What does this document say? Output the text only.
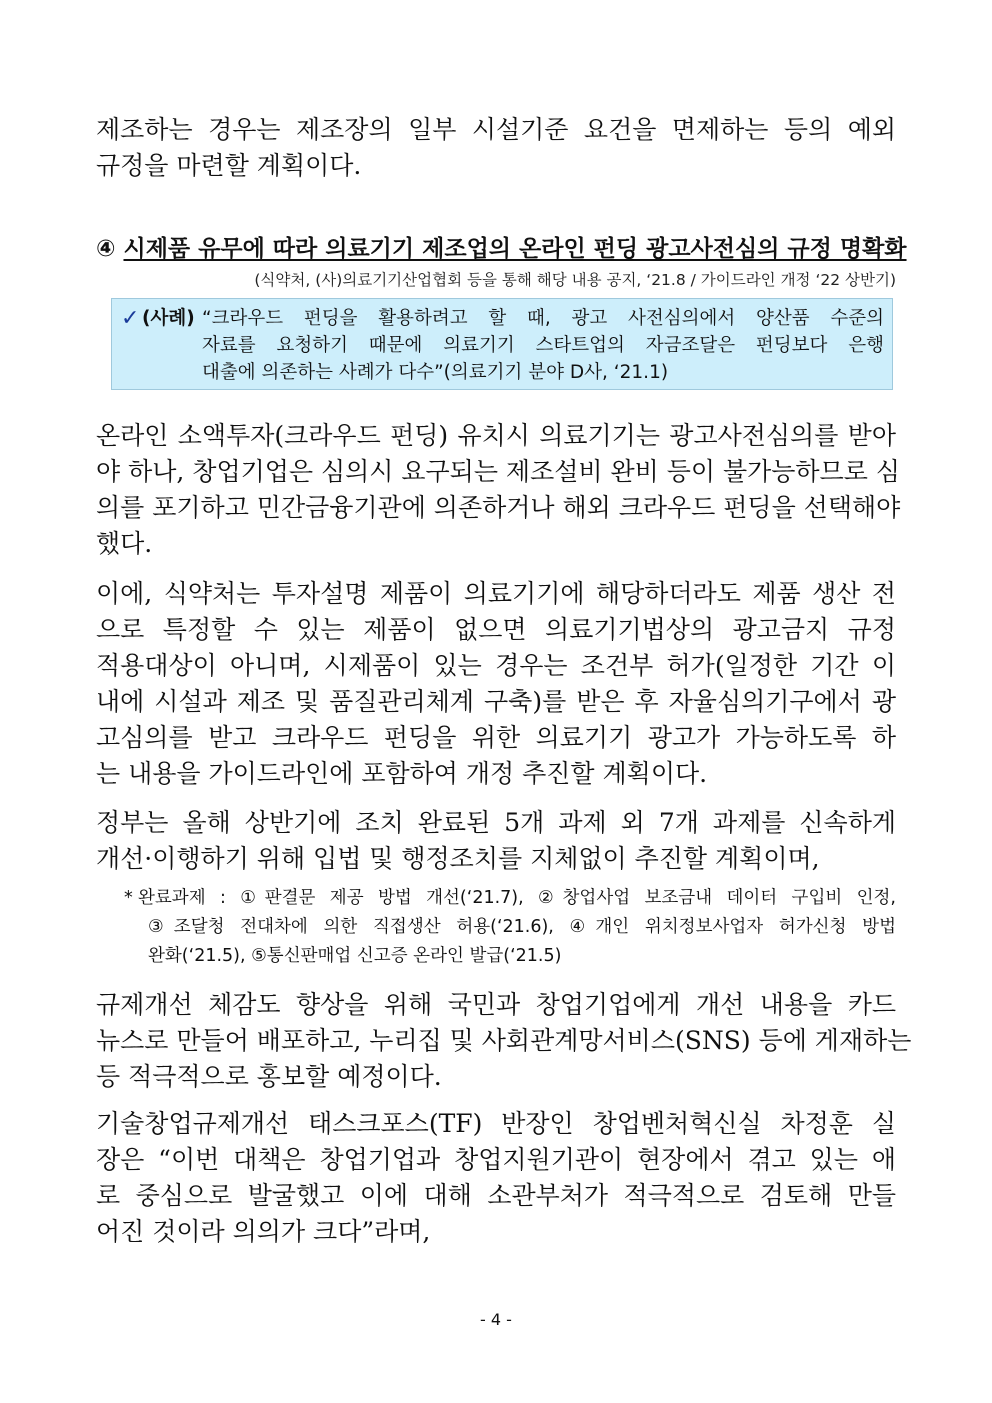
제조하는 경우는 제조장의 일부 시설기준 요건을 면제하는 등의 예외
규정을 마련할 계획이다.
④ 시제품 유무에 따라 의료기기 제조업의 온라인 펀딩 광고사전심의 규정 명확화
(식약처, (사)의료기기산업협회 등을 통해 해당 내용 공지, ‘21.8 / 가이드라인 개정 ‘22 상반기)
✓ (사례) “크라우드 펀딩을 활용하려고 할 때, 광고 사전심의에서 양산품 수준의
자료를 요청하기 때문에 의료기기 스타트업의 자금조달은 펀딩보다 은행
대출에 의존하는 사례가 다수”(의료기기 분야 D사, ‘21.1)
온라인 소액투자(크라우드 펀딩) 유치시 의료기기는 광고사전심의를 받아
야 하나, 창업기업은 심의시 요구되는 제조설비 완비 등이 불가능하므로 심
의를 포기하고 민간금융기관에 의존하거나 해외 크라우드 펀딩을 선택해야
했다.
이에, 식약처는 투자설명 제품이 의료기기에 해당하더라도 제품 생산 전
으로 특정할 수 있는 제품이 없으면 의료기기법상의 광고금지 규정
적용대상이 아니며, 시제품이 있는 경우는 조건부 허가(일정한 기간 이
내에 시설과 제조 및 품질관리체계 구축)를 받은 후 자율심의기구에서 광
고심의를 받고 크라우드 펀딩을 위한 의료기기 광고가 가능하도록 하
는 내용을 가이드라인에 포함하여 개정 추진할 계획이다.
정부는 올해 상반기에 조치 완료된 5개 과제 외 7개 과제를 신속하게
개선·이행하기 위해 입법 및 행정조치를 지체없이 추진할 계획이며,
* 완료과제 : ①판결문 제공 방법 개선(‘21.7), ②창업사업 보조금내 데이터 구입비 인정,
③조달청 전대차에 의한 직접생산 허용(‘21.6), ④개인 위치정보사업자 허가신청 방법
완화(‘21.5), ⑤통신판매업 신고증 온라인 발급(‘21.5)
규제개선 체감도 향상을 위해 국민과 창업기업에게 개선 내용을 카드
뉴스로 만들어 배포하고, 누리집 및 사회관계망서비스(SNS) 등에 게재하는
등 적극적으로 홍보할 예정이다.
기술창업규제개선 태스크포스(TF) 반장인 창업벤처혁신실 차정훈 실
장은 “이번 대책은 창업기업과 창업지원기관이 현장에서 겪고 있는 애
로 중심으로 발굴했고 이에 대해 소관부처가 적극적으로 검토해 만들
어진 것이라 의의가 크다”라며,
- 4 -
